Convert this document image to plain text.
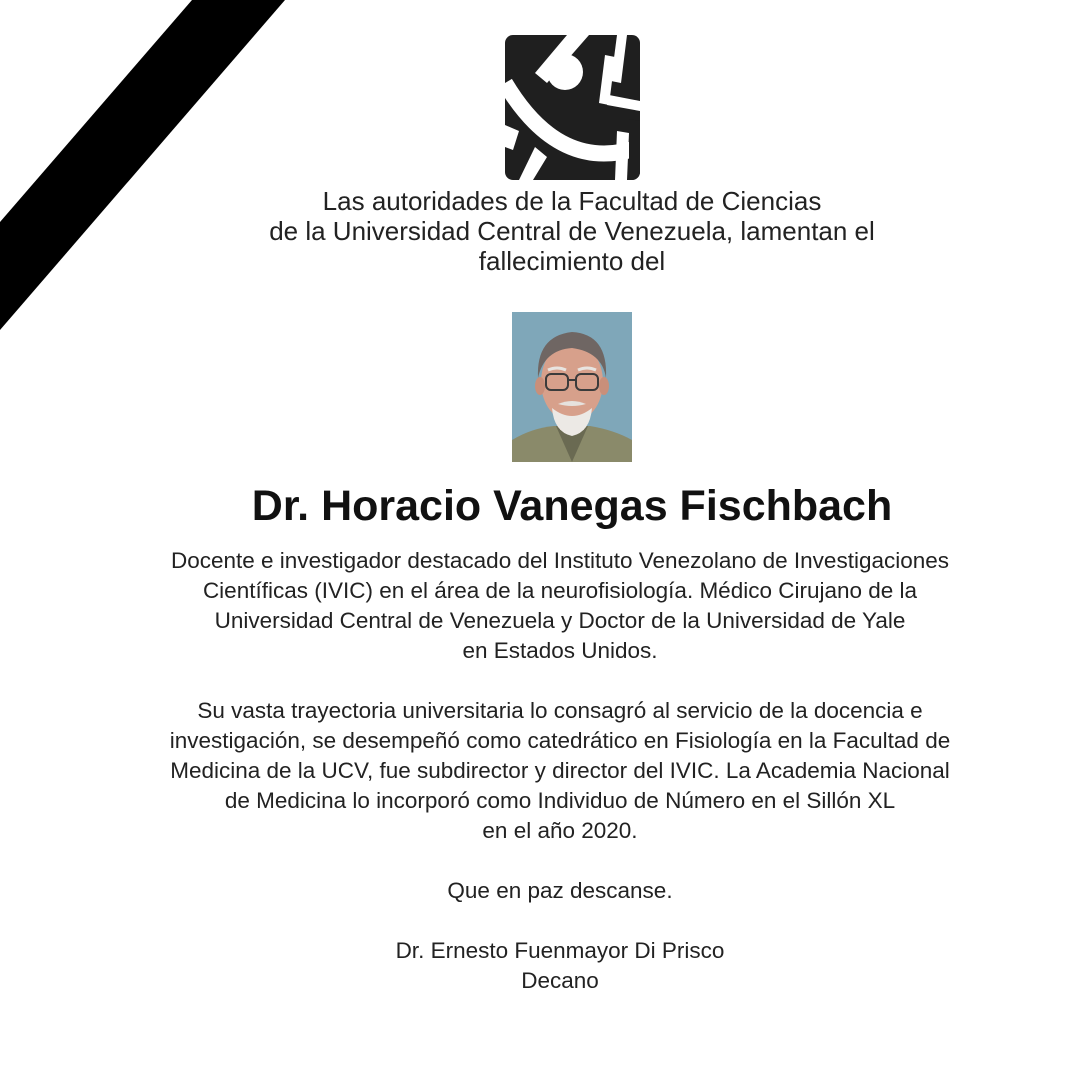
Las autoridades de la Facultad de Ciencias
de la Universidad Central de Venezuela, lamentan el
fallecimiento del
Dr. Horacio Vanegas Fischbach
Docente e investigador destacado del Instituto Venezolano de Investigaciones
Científicas (IVIC) en el área de la neurofisiología. Médico Cirujano de la
Universidad Central de Venezuela y Doctor de la Universidad de Yale
en Estados Unidos.
Su vasta trayectoria universitaria lo consagró al servicio de la docencia e
investigación, se desempeñó como catedrático en Fisiología en la Facultad de
Medicina de la UCV, fue subdirector y director del IVIC. La Academia Nacional
de Medicina lo incorporó como Individuo de Número en el Sillón XL
en el año 2020.
Que en paz descanse.
Dr. Ernesto Fuenmayor Di Prisco
Decano
